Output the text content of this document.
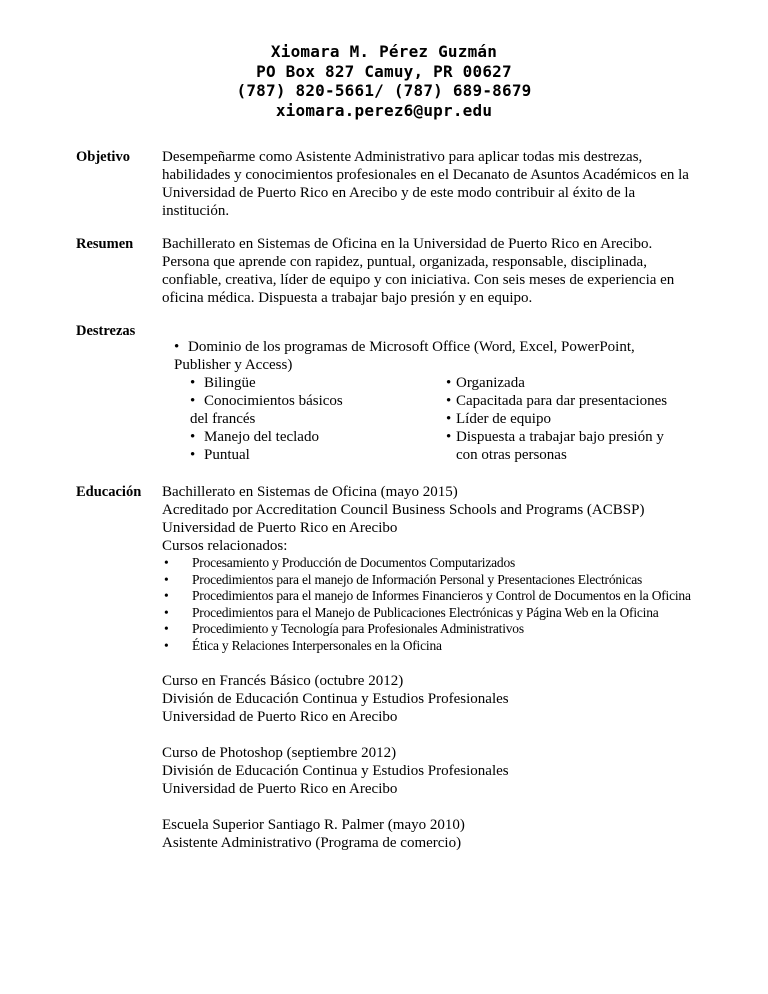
Xiomara M. Pérez Guzmán
PO Box 827 Camuy, PR 00627
(787) 820-5661/ (787) 689-8679
xiomara.perez6@upr.edu
Objetivo Desempeñarme como Asistente Administrativo para aplicar todas mis destrezas,
habilidades y conocimientos profesionales en el Decanato de Asuntos Académicos en la
Universidad de Puerto Rico en Arecibo y de este modo contribuir al éxito de la
institución.
Resumen Bachillerato en Sistemas de Oficina en la Universidad de Puerto Rico en Arecibo.
Persona que aprende con rapidez, puntual, organizada, responsable, disciplinada,
confiable, creativa, líder de equipo y con iniciativa. Con seis meses de experiencia en
oficina médica. Dispuesta a trabajar bajo presión y en equipo.
Destrezas
• Dominio de los programas de Microsoft Office (Word, Excel, PowerPoint,
Publisher y Access)
• Bilingüe
• Conocimientos básicos
del francés
• Manejo del teclado
• Puntual
• Organizada
• Capacitada para dar presentaciones
• Líder de equipo
• Dispuesta a trabajar bajo presión y
con otras personas
Educación Bachillerato en Sistemas de Oficina (mayo 2015)
Acreditado por Accreditation Council Business Schools and Programs (ACBSP)
Universidad de Puerto Rico en Arecibo
Cursos relacionados:
• Procesamiento y Producción de Documentos Computarizados
• Procedimientos para el manejo de Información Personal y Presentaciones Electrónicas
• Procedimientos para el manejo de Informes Financieros y Control de Documentos en la Oficina
• Procedimientos para el Manejo de Publicaciones Electrónicas y Página Web en la Oficina
• Procedimiento y Tecnología para Profesionales Administrativos
• Ética y Relaciones Interpersonales en la Oficina
Curso en Francés Básico (octubre 2012)
División de Educación Continua y Estudios Profesionales
Universidad de Puerto Rico en Arecibo
Curso de Photoshop (septiembre 2012)
División de Educación Continua y Estudios Profesionales
Universidad de Puerto Rico en Arecibo
Escuela Superior Santiago R. Palmer (mayo 2010)
Asistente Administrativo (Programa de comercio)
